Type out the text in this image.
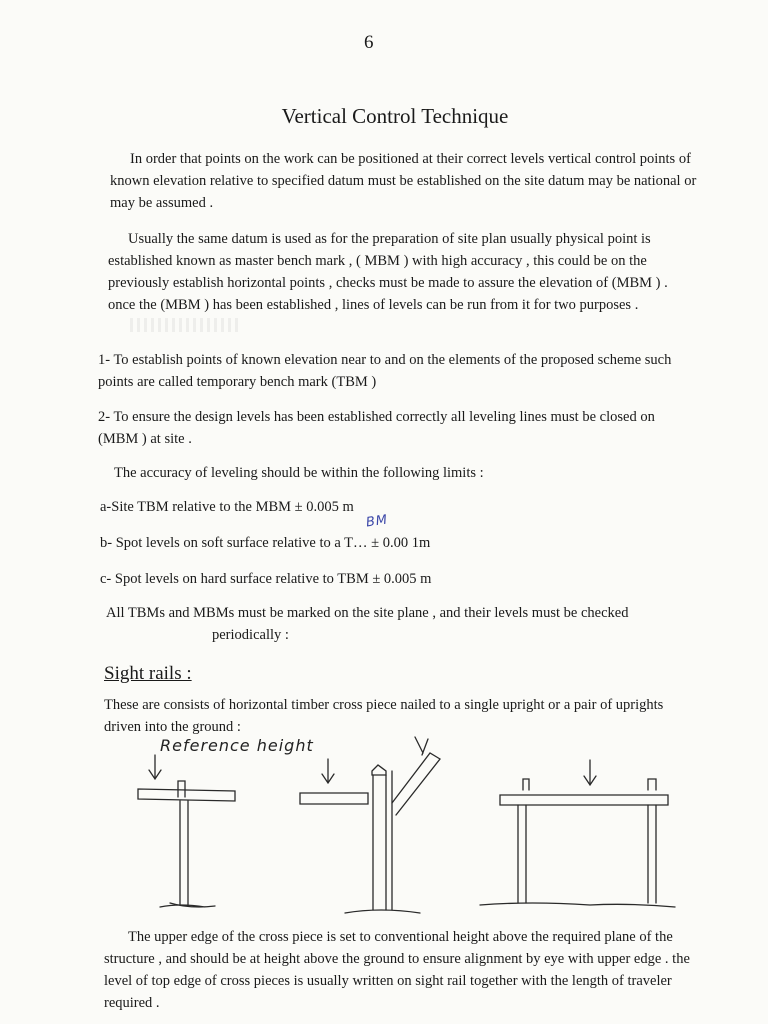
6
Vertical Control Technique
In order that points on the work can be positioned at their correct levels vertical control points of known elevation relative to specified datum must be established on the site datum may be national or may be assumed .
Usually the same datum is used as for the preparation of site plan usually physical point is established known as master bench mark , ( MBM ) with high accuracy , this could be on the previously establish horizontal points , checks must be made to assure the elevation of (MBM ) . once the (MBM ) has been established , lines of levels can be run from it for two purposes .
1- To establish points of known elevation near to and on the elements of the proposed scheme such points are called temporary bench mark (TBM )
2- To ensure the design levels has been established correctly all leveling lines must be closed on (MBM ) at site .
The accuracy of leveling should be within the following limits :
a-Site TBM relative to the MBM ± 0.005 m
b- Spot levels on soft surface relative to a T… ± 0.00 1m
c- Spot levels on hard surface relative to TBM ± 0.005 m
BM
All TBMs and MBMs must be marked on the site plane , and their levels must be checked
periodically :
Sight rails :
These are consists of horizontal timber cross piece nailed to a single upright or a pair of uprights driven into the ground :
Reference height
The upper edge of the cross piece is set to conventional height above the required plane of the structure , and should be at height above the ground to ensure alignment by eye with upper edge . the level of top edge of cross pieces is usually written on sight rail together with the length of traveler required .
